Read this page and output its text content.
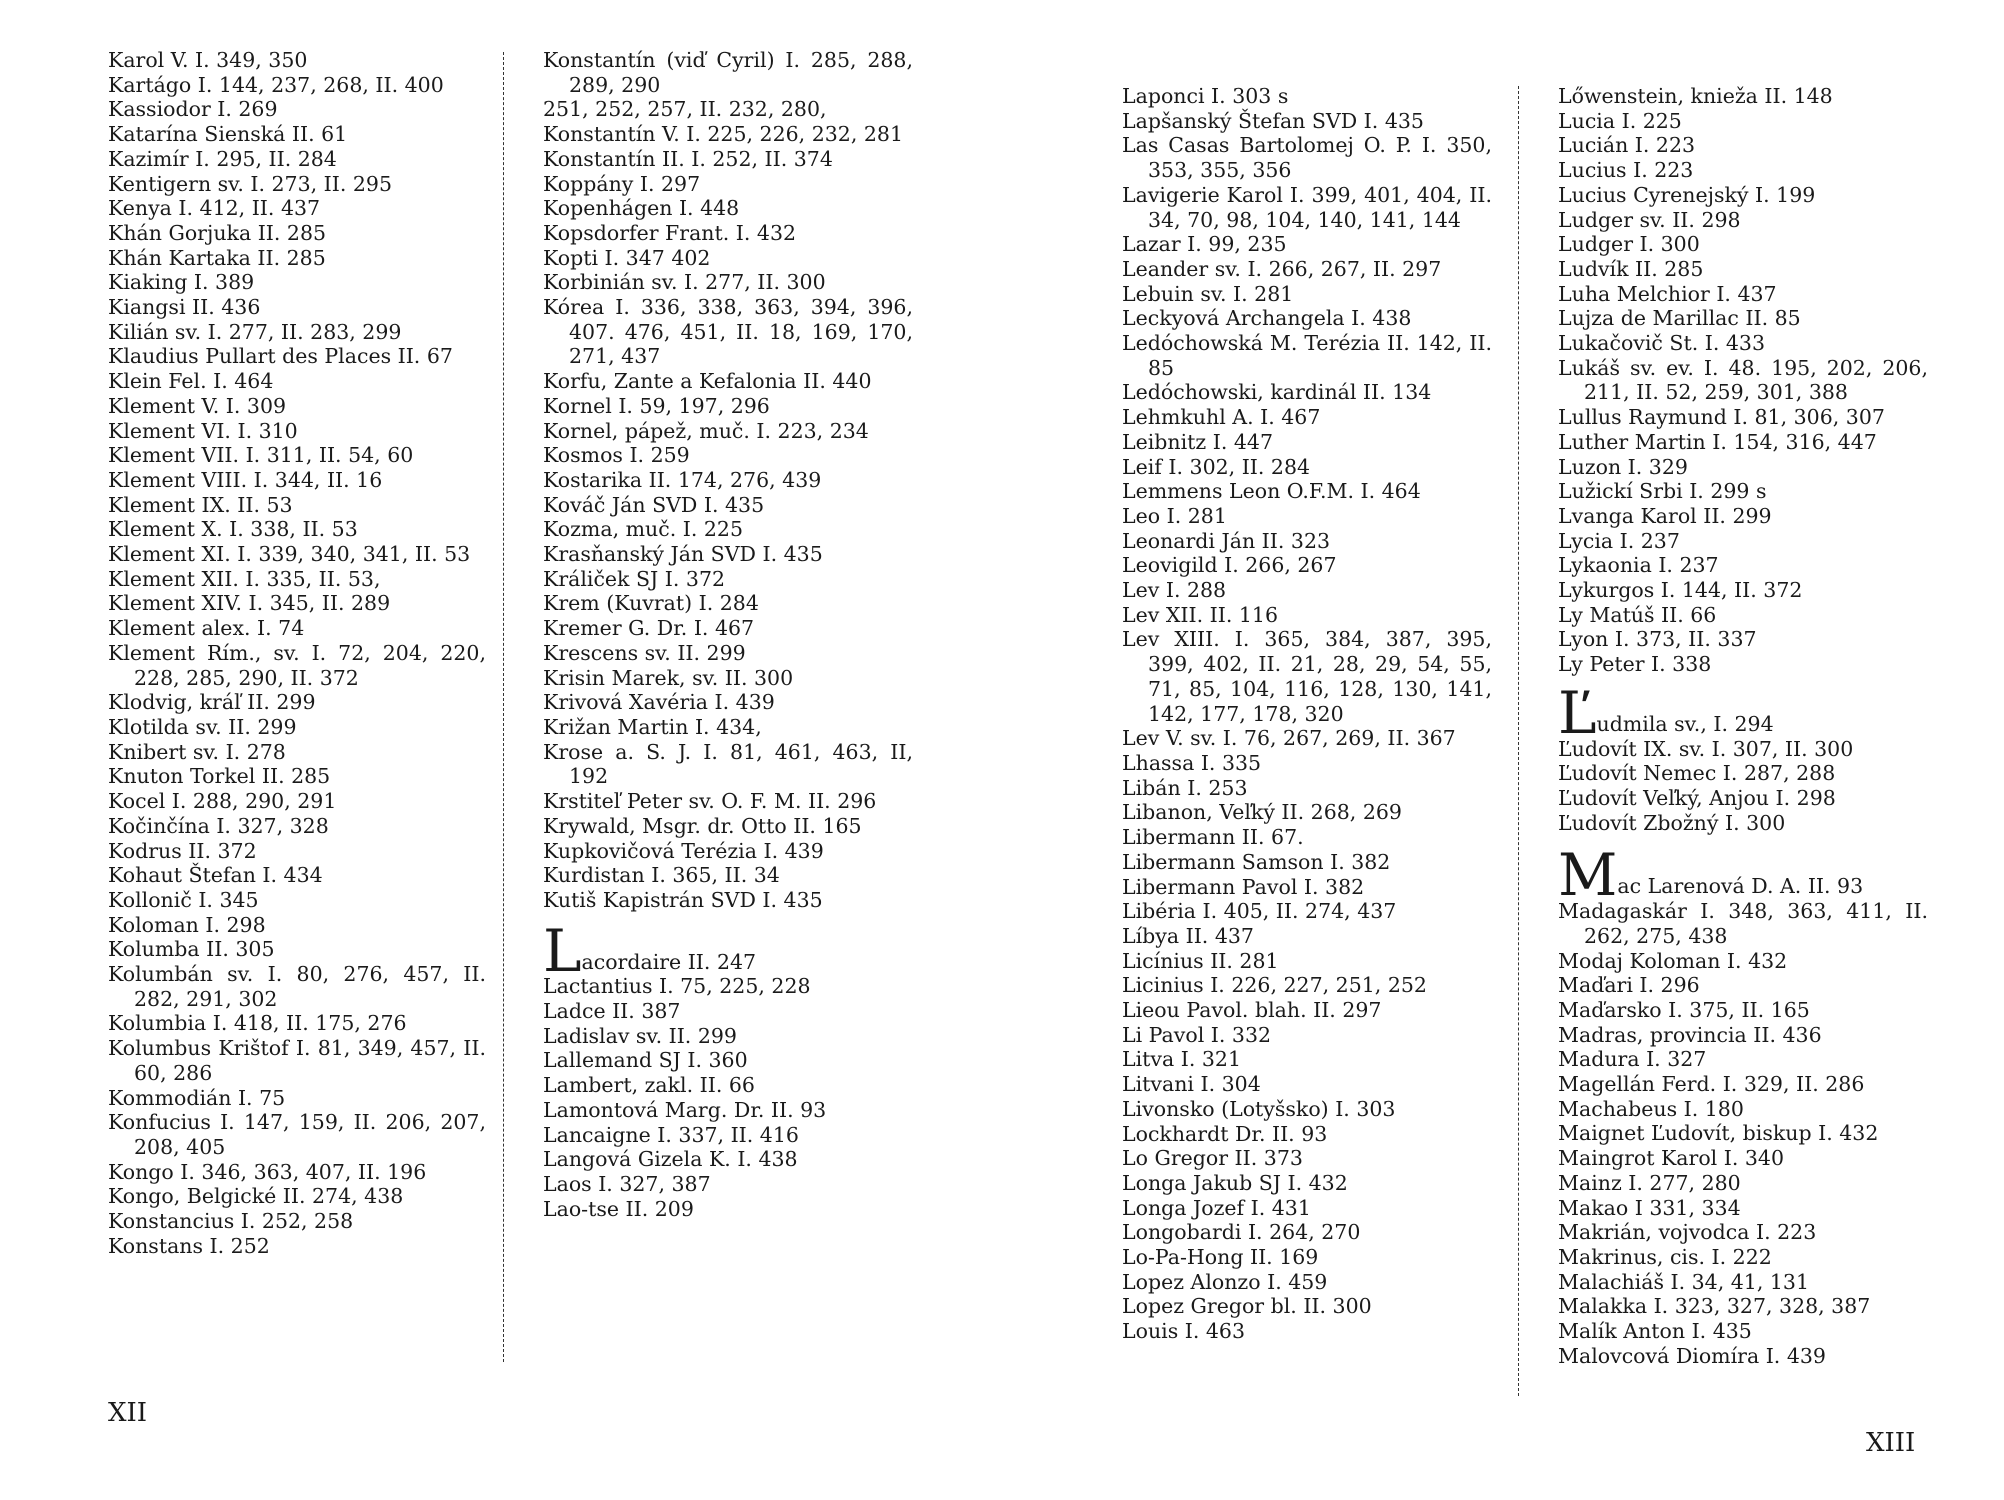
Karol V. I. 349, 350
Kartágo I. 144, 237, 268, II. 400
Kassiodor I. 269
Katarína Sienská II. 61
Kazimír I. 295, II. 284
Kentigern sv. I. 273, II. 295
Kenya I. 412, II. 437
Khán Gorjuka II. 285
Khán Kartaka II. 285
Kiaking I. 389
Kiangsi II. 436
Kilián sv. I. 277, II. 283, 299
Klaudius Pullart des Places II. 67
Klein Fel. I. 464
Klement V. I. 309
Klement VI. I. 310
Klement VII. I. 311, II. 54, 60
Klement VIII. I. 344, II. 16
Klement IX. II. 53
Klement X. I. 338, II. 53
Klement XI. I. 339, 340, 341, II. 53
Klement XII. I. 335, II. 53,
Klement XIV. I. 345, II. 289
Klement alex. I. 74
Klement Rím., sv. I. 72, 204, 220, 228, 285, 290, II. 372
Klodvig, kráľ II. 299
Klotilda sv. II. 299
Knibert sv. I. 278
Knuton Torkel II. 285
Kocel I. 288, 290, 291
Kočinčína I. 327, 328
Kodrus II. 372
Kohaut Štefan I. 434
Kollonič I. 345
Koloman I. 298
Kolumba II. 305
Kolumbán sv. I. 80, 276, 457, II. 282, 291, 302
Kolumbia I. 418, II. 175, 276
Kolumbus Krištof I. 81, 349, 457, II. 60, 286
Kommodián I. 75
Konfucius I. 147, 159, II. 206, 207, 208, 405
Kongo I. 346, 363, 407, II. 196
Kongo, Belgické II. 274, 438
Konstancius I. 252, 258
Konstans I. 252
Konstantín (viď Cyril) I. 285, 288, 289, 290
251, 252, 257, II. 232, 280,
Konstantín V. I. 225, 226, 232, 281
Konstantín II. I. 252, II. 374
Koppány I. 297
Kopenhágen I. 448
Kopsdorfer Frant. I. 432
Kopti I. 347 402
Korbinián sv. I. 277, II. 300
Kórea I. 336, 338, 363, 394, 396, 407. 476, 451, II. 18, 169, 170, 271, 437
Korfu, Zante a Kefalonia II. 440
Kornel I. 59, 197, 296
Kornel, pápež, muč. I. 223, 234
Kosmos I. 259
Kostarika II. 174, 276, 439
Kováč Ján SVD I. 435
Kozma, muč. I. 225
Krasňanský Ján SVD I. 435
Králiček SJ I. 372
Krem (Kuvrat) I. 284
Kremer G. Dr. I. 467
Krescens sv. II. 299
Krisin Marek, sv. II. 300
Krivová Xavéria I. 439
Križan Martin I. 434,
Krose a. S. J. I. 81, 461, 463, II, 192
Krstiteľ Peter sv. O. F. M. II. 296
Krywald, Msgr. dr. Otto II. 165
Kupkovičová Terézia I. 439
Kurdistan I. 365, II. 34
Kutiš Kapistrán SVD I. 435
Lacordaire II. 247
Lactantius I. 75, 225, 228
Ladce II. 387
Ladislav sv. II. 299
Lallemand SJ I. 360
Lambert, zakl. II. 66
Lamontová Marg. Dr. II. 93
Lancaigne I. 337, II. 416
Langová Gizela K. I. 438
Laos I. 327, 387
Lao-tse II. 209
XII
Laponci I. 303 s
Lapšanský Štefan SVD I. 435
Las Casas Bartolomej O. P. I. 350, 353, 355, 356
Lavigerie Karol I. 399, 401, 404, II. 34, 70, 98, 104, 140, 141, 144
Lazar I. 99, 235
Leander sv. I. 266, 267, II. 297
Lebuin sv. I. 281
Leckyová Archangela I. 438
Ledóchowská M. Terézia II. 142, II. 85
Ledóchowski, kardinál II. 134
Lehmkuhl A. I. 467
Leibnitz I. 447
Leif I. 302, II. 284
Lemmens Leon O.F.M. I. 464
Leo I. 281
Leonardi Ján II. 323
Leovigild I. 266, 267
Lev I. 288
Lev XII. II. 116
Lev XIII. I. 365, 384, 387, 395, 399, 402, II. 21, 28, 29, 54, 55, 71, 85, 104, 116, 128, 130, 141, 142, 177, 178, 320
Lev V. sv. I. 76, 267, 269, II. 367
Lhassa I. 335
Libán I. 253
Libanon, Veľký II. 268, 269
Libermann II. 67.
Libermann Samson I. 382
Libermann Pavol I. 382
Libéria I. 405, II. 274, 437
Líbya II. 437
Licínius II. 281
Licinius I. 226, 227, 251, 252
Lieou Pavol. blah. II. 297
Li Pavol I. 332
Litva I. 321
Litvani I. 304
Livonsko (Lotyšsko) I. 303
Lockhardt Dr. II. 93
Lo Gregor II. 373
Longa Jakub SJ I. 432
Longa Jozef I. 431
Longobardi I. 264, 270
Lo-Pa-Hong II. 169
Lopez Alonzo I. 459
Lopez Gregor bl. II. 300
Louis I. 463
Lőwenstein, knieža II. 148
Lucia I. 225
Lucián I. 223
Lucius I. 223
Lucius Cyrenejský I. 199
Ludger sv. II. 298
Ludger I. 300
Ludvík II. 285
Luha Melchior I. 437
Lujza de Marillac II. 85
Lukačovič St. I. 433
Lukáš sv. ev. I. 48. 195, 202, 206, 211, II. 52, 259, 301, 388
Lullus Raymund I. 81, 306, 307
Luther Martin I. 154, 316, 447
Luzon I. 329
Lužickí Srbi I. 299 s
Lvanga Karol II. 299
Lycia I. 237
Lykaonia I. 237
Lykurgos I. 144, II. 372
Ly Matúš II. 66
Lyon I. 373, II. 337
Ly Peter I. 338
Ľudmila sv., I. 294
Ľudovít IX. sv. I. 307, II. 300
Ľudovít Nemec I. 287, 288
Ľudovít Veľký, Anjou I. 298
Ľudovít Zbožný I. 300
Mac Larenová D. A. II. 93
Madagaskár I. 348, 363, 411, II. 262, 275, 438
Modaj Koloman I. 432
Maďari I. 296
Maďarsko I. 375, II. 165
Madras, provincia II. 436
Madura I. 327
Magellán Ferd. I. 329, II. 286
Machabeus I. 180
Maignet Ľudovít, biskup I. 432
Maingrot Karol I. 340
Mainz I. 277, 280
Makao I 331, 334
Makrián, vojvodca I. 223
Makrinus, cis. I. 222
Malachiáš I. 34, 41, 131
Malakka I. 323, 327, 328, 387
Malík Anton I. 435
Malovcová Diomíra I. 439
XIII
